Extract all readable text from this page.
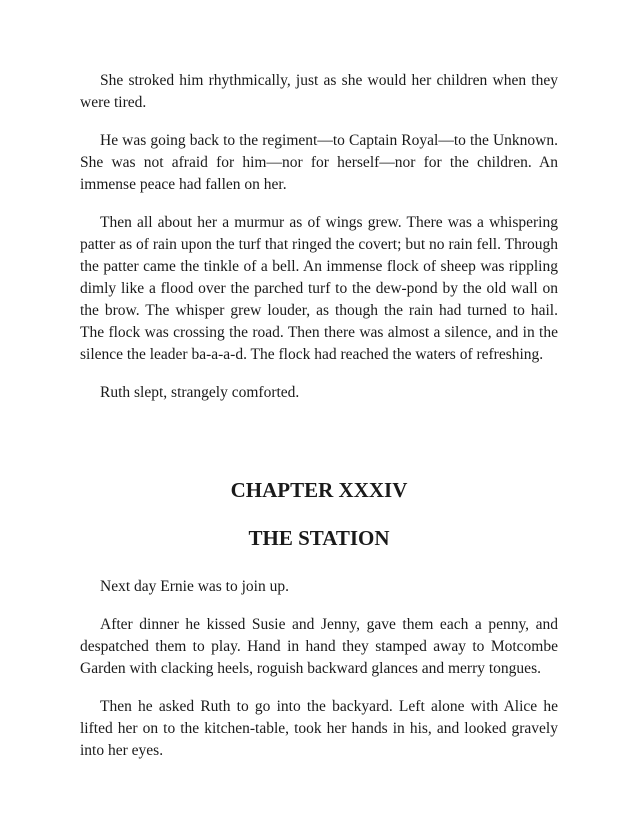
She stroked him rhythmically, just as she would her children when they were tired.

He was going back to the regiment—to Captain Royal—to the Unknown. She was not afraid for him—nor for herself—nor for the children. An immense peace had fallen on her.

Then all about her a murmur as of wings grew. There was a whispering patter as of rain upon the turf that ringed the covert; but no rain fell. Through the patter came the tinkle of a bell. An immense flock of sheep was rippling dimly like a flood over the parched turf to the dew-pond by the old wall on the brow. The whisper grew louder, as though the rain had turned to hail. The flock was crossing the road. Then there was almost a silence, and in the silence the leader ba-a-a-d. The flock had reached the waters of refreshing.

Ruth slept, strangely comforted.

CHAPTER XXXIV
THE STATION

Next day Ernie was to join up.

After dinner he kissed Susie and Jenny, gave them each a penny, and despatched them to play. Hand in hand they stamped away to Motcombe Garden with clacking heels, roguish backward glances and merry tongues.

Then he asked Ruth to go into the backyard. Left alone with Alice he lifted her on to the kitchen-table, took her hands in his, and looked gravely into her eyes.
